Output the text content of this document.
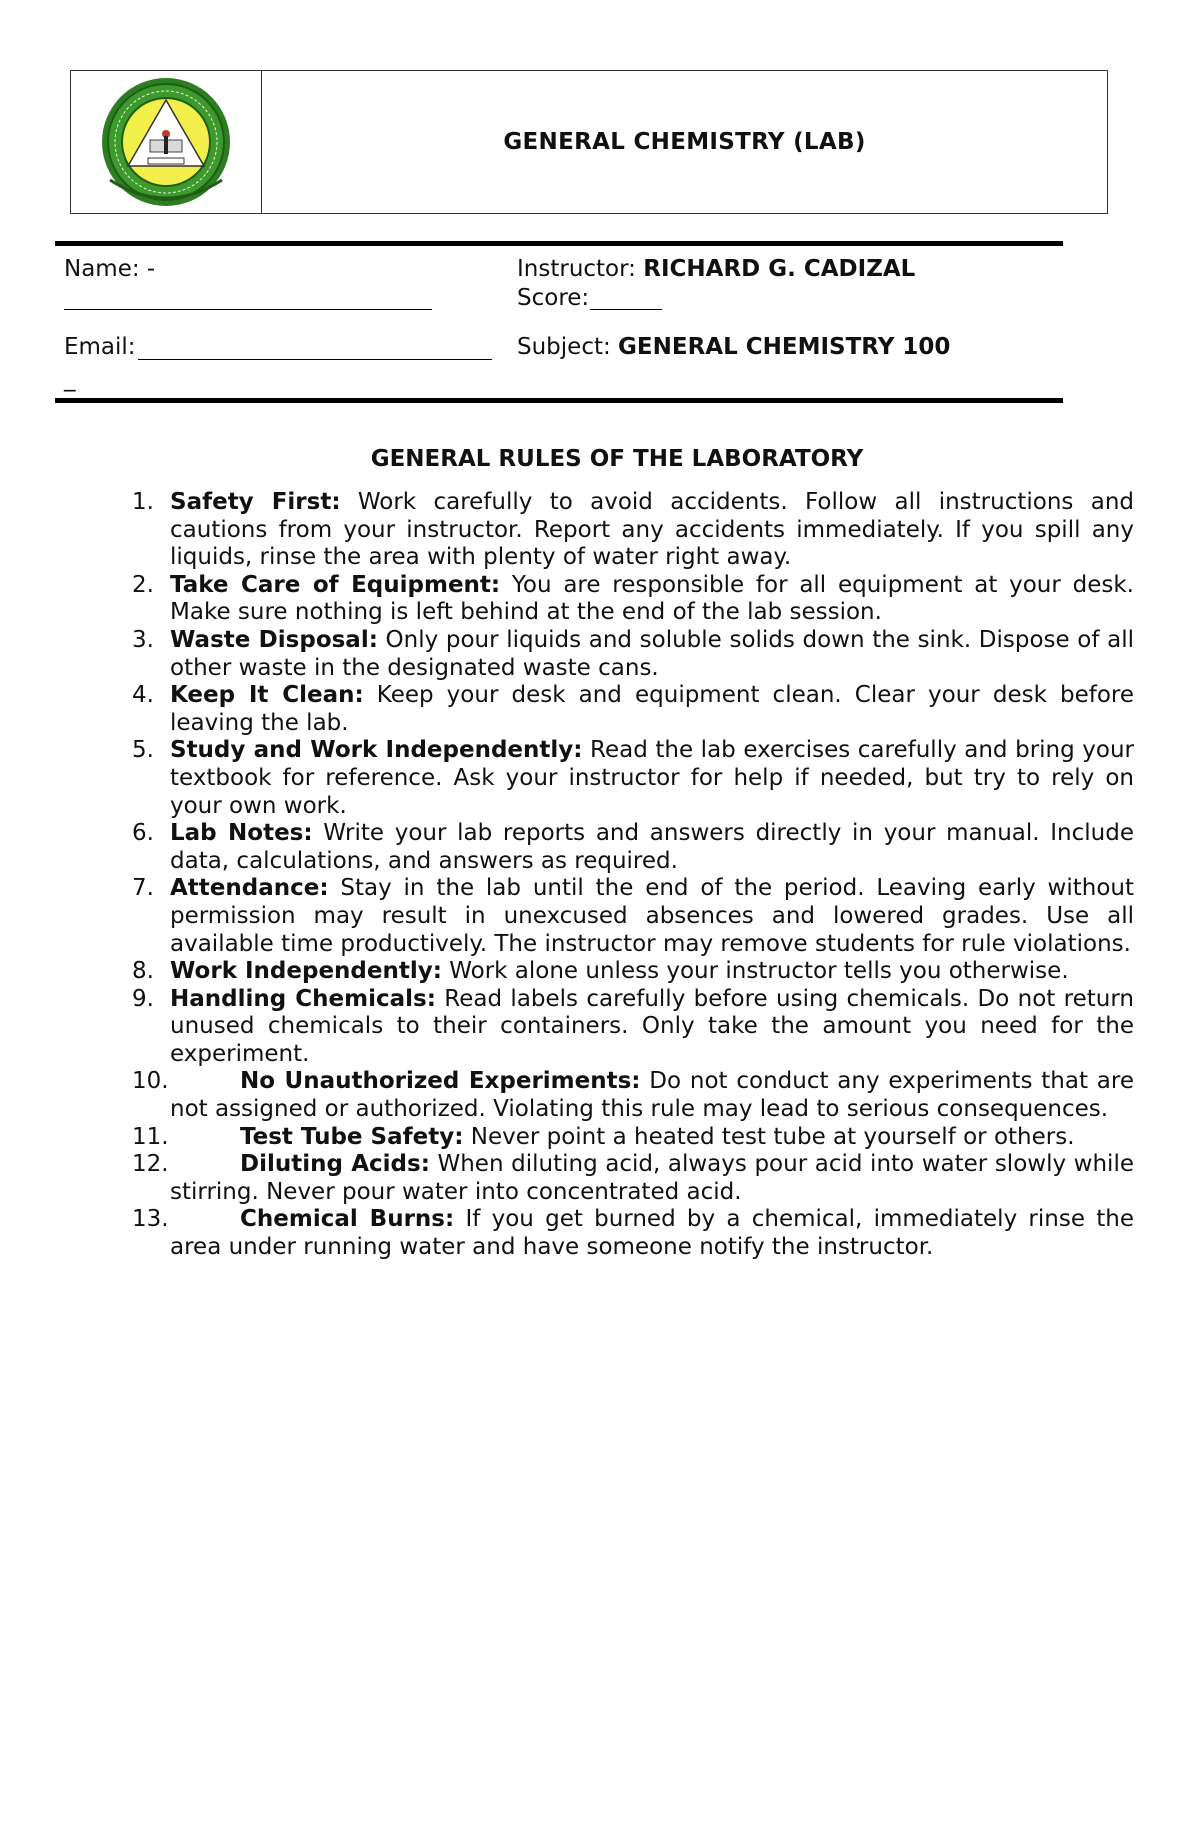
GENERAL CHEMISTRY (LAB)
Name: -	Instructor: RICHARD G. CADIZAL
Score:
Email:
_
Subject: GENERAL CHEMISTRY 100
GENERAL RULES OF THE LABORATORY
1. Safety First: Work carefully to avoid accidents. Follow all instructions and cautions from your instructor. Report any accidents immediately. If you spill any liquids, rinse the area with plenty of water right away.
2. Take Care of Equipment: You are responsible for all equipment at your desk. Make sure nothing is left behind at the end of the lab session.
3. Waste Disposal: Only pour liquids and soluble solids down the sink. Dispose of all other waste in the designated waste cans.
4. Keep It Clean: Keep your desk and equipment clean. Clear your desk before leaving the lab.
5. Study and Work Independently: Read the lab exercises carefully and bring your textbook for reference. Ask your instructor for help if needed, but try to rely on your own work.
6. Lab Notes: Write your lab reports and answers directly in your manual. Include data, calculations, and answers as required.
7. Attendance: Stay in the lab until the end of the period. Leaving early without permission may result in unexcused absences and lowered grades. Use all available time productively. The instructor may remove students for rule violations.
8. Work Independently: Work alone unless your instructor tells you otherwise.
9. Handling Chemicals: Read labels carefully before using chemicals. Do not return unused chemicals to their containers. Only take the amount you need for the experiment.
10.	No Unauthorized Experiments: Do not conduct any experiments that are not assigned or authorized. Violating this rule may lead to serious consequences.
11.	Test Tube Safety: Never point a heated test tube at yourself or others.
12.	Diluting Acids: When diluting acid, always pour acid into water slowly while stirring. Never pour water into concentrated acid.
13.	Chemical Burns: If you get burned by a chemical, immediately rinse the area under running water and have someone notify the instructor.
